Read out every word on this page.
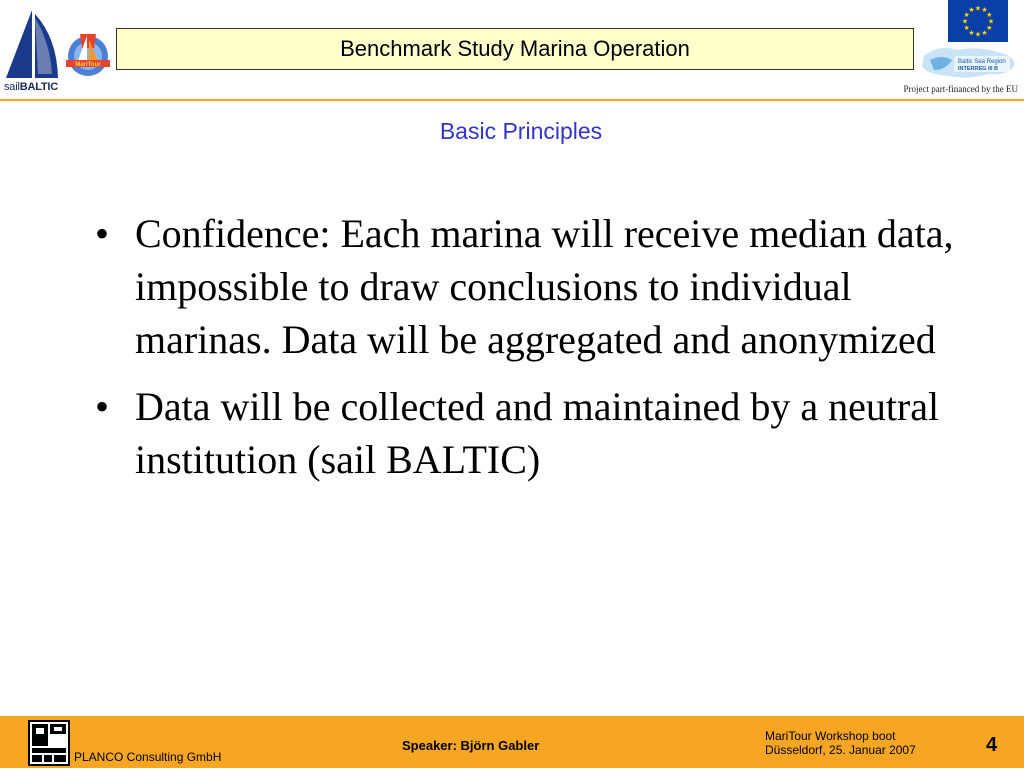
sailBALTIC
MariTour
Benchmark Study Marina Operation
★ ★
★
★
★
★
★
★
★
★
★
★
Baltic Sea Region
INTERREG III B
Project part-financed by the EU
Basic Principles
• Confidence: Each marina will receive median data, impossible to draw conclusions to individual marinas. Data will be aggregated and anonymized
• Data will be collected and maintained by a neutral institution (sail BALTIC)
PLANCO Consulting GmbH
Speaker: Björn Gabler
MariTour Workshop boot
Düsseldorf, 25. Januar 2007	4
